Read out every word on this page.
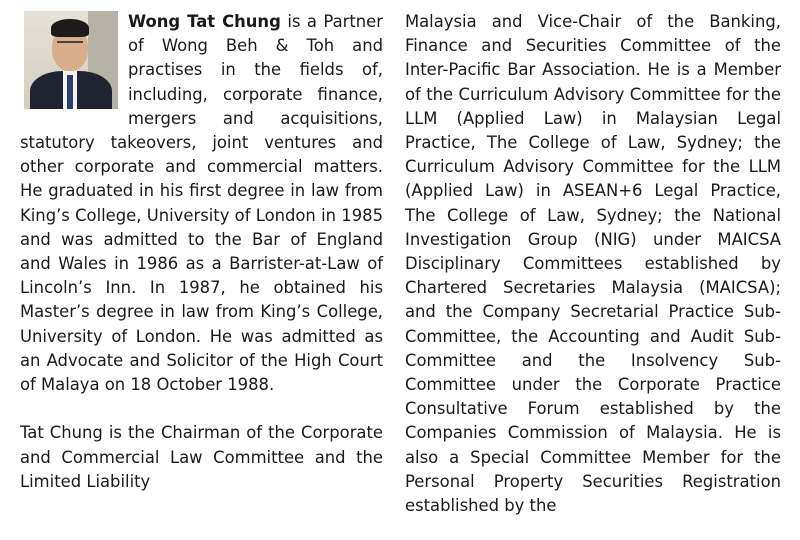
Wong Tat Chung is a Partner of Wong Beh & Toh and practises in the fields of, including, corporate finance, mergers and acquisitions, statutory takeovers, joint ventures and other corporate and commercial matters. He graduated in his first degree in law from King’s College, University of London in 1985 and was admitted to the Bar of England and Wales in 1986 as a Barrister-at-Law of Lincoln’s Inn. In 1987, he obtained his Master’s degree in law from King’s College, University of London. He was admitted as an Advocate and Solicitor of the High Court of Malaya on 18 October 1988.

Tat Chung is the Chairman of the Corporate and Commercial Law Committee and the Limited Liability

Malaysia and Vice-Chair of the Banking, Finance and Securities Committee of the Inter-Pacific Bar Association. He is a Member of the Curriculum Advisory Committee for the LLM (Applied Law) in Malaysian Legal Practice, The College of Law, Sydney; the Curriculum Advisory Committee for the LLM (Applied Law) in ASEAN+6 Legal Practice, The College of Law, Sydney; the National Investigation Group (NIG) under MAICSA Disciplinary Committees established by Chartered Secretaries Malaysia (MAICSA); and the Company Secretarial Practice Sub-Committee, the Accounting and Audit Sub-Committee and the Insolvency Sub-Committee under the Corporate Practice Consultative Forum established by the Companies Commission of Malaysia. He is also a Special Committee Member for the Personal Property Securities Registration established by the
